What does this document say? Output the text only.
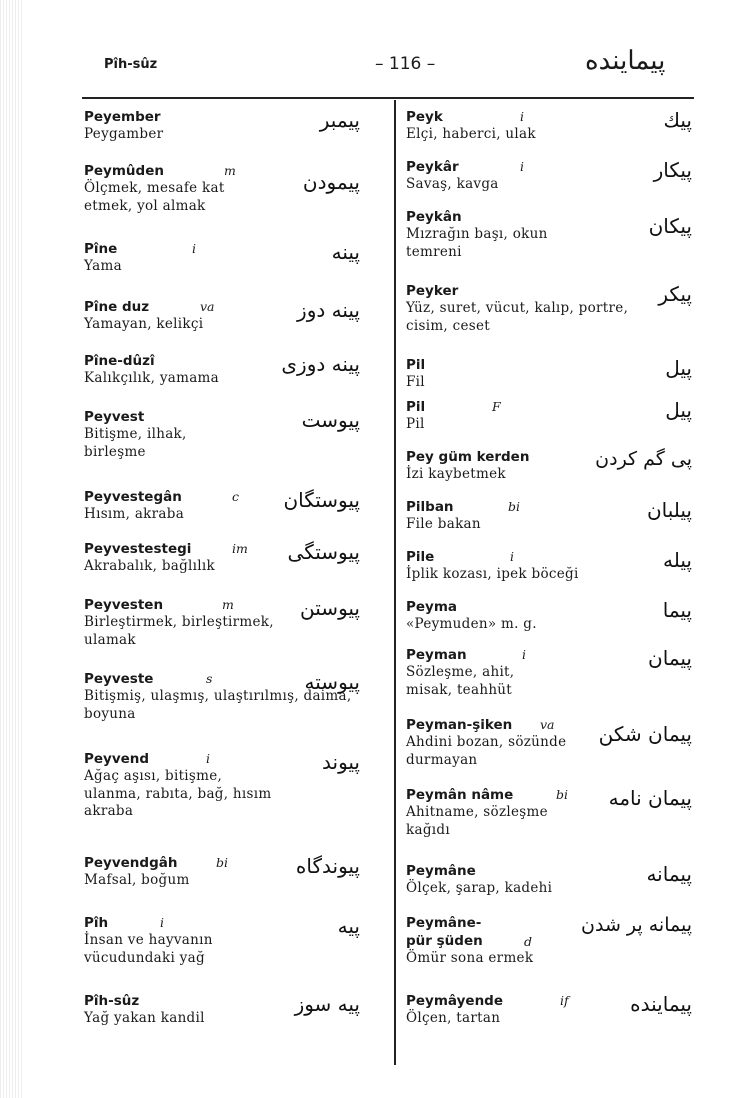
Pîh-sûz	– 116 –	پيماينده
Peyember
Peygamber
پيمبر
Peymûden	m
Ölçmek, mesafe kat etmek, yol almak
پيمودن
Pîne	i
Yama
پينه
Pîne duz	va
Yamayan, kelikçi
پينه دوز
Pîne-dûzî
Kalıkçılık, yamama
پينه دوزى
Peyvest
Bitişme, ilhak, birleşme
پيوست
Peyvestegân	c
Hısım, akraba
پيوستگان
Peyvestestegi	im
Akrabalık, bağlılık
پيوستگى
Peyvesten	m
Birleştirmek, birleştirmek, ulamak
پيوستن
Peyveste	s
Bitişmiş, ulaşmış, ulaştırılmış, daima, boyuna
پيوسته
Peyvend	i
Ağaç aşısı, bitişme, ulanma, rabıta, bağ, hısım akraba
پيوند
Peyvendgâh	bi
Mafsal, boğum
پيوندگاه
Pîh	i
İnsan ve hayvanın vücudundaki yağ
پيه
Pîh-sûz
Yağ yakan kandil
پيه سوز
Peyk	i
Elçi, haberci, ulak
پيك
Peykâr	i
Savaş, kavga
پيكار
Peykân
Mızrağın başı, okun temreni
پيكان
Peyker
Yüz, suret, vücut, kalıp, portre, cisim, ceset
پيكر
Pil
Fil
پيل
Pil	F
Pil
پيل
Pey güm kerden
İzi kaybetmek
پى گم كردن
Pilban	bi
File bakan
پيلبان
Pile	i
İplik kozası, ipek böceği
پيله
Peyma
«Peymuden» m. g.
پيما
Peyman	i
Sözleşme, ahit, misak, teahhüt
پيمان
Peyman-şiken	va
Ahdini bozan, sözünde durmayan
پيمان شكن
Peymân nâme	bi
Ahitname, sözleşme kağıdı
پيمان نامه
Peymâne
Ölçek, şarap, kadehi
پيمانه
Peymâne-pür şüden	d
Ömür sona ermek
پيمانه پر شدن
Peymâyende	if
Ölçen, tartan
پيماينده
